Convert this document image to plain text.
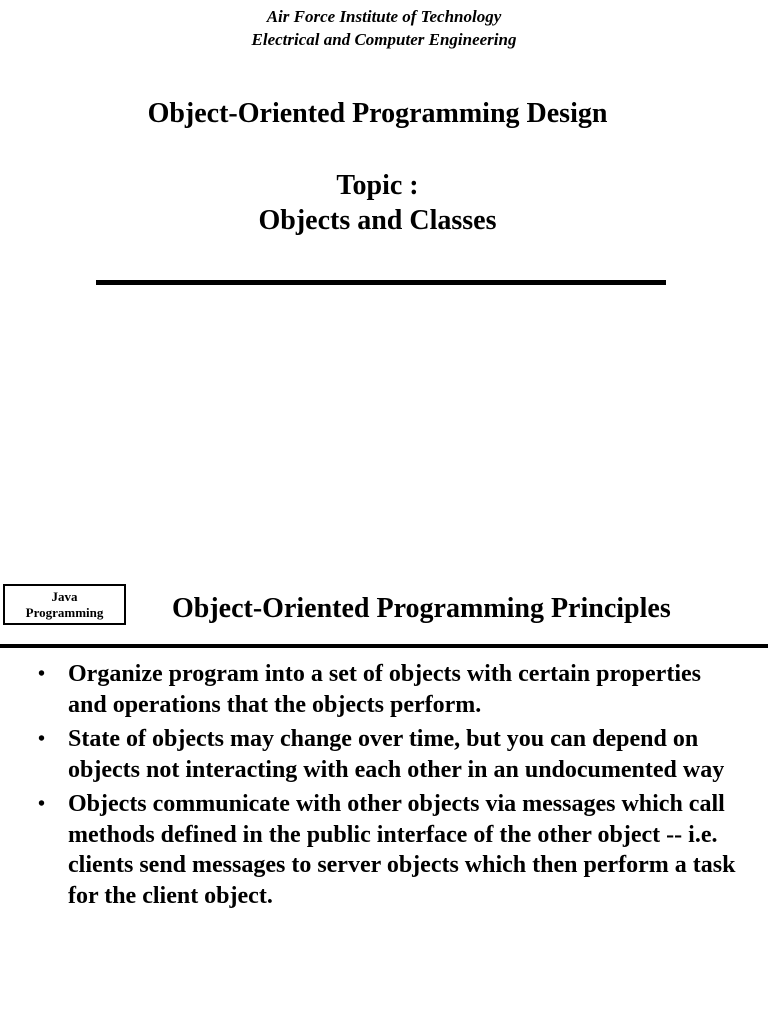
Air Force Institute of Technology
Electrical and Computer Engineering
Object-Oriented Programming Design
Topic :
Objects and Classes
Java
Programming	Object-Oriented Programming Principles
• Organize program into a set of objects with certain properties and operations that the objects perform.
• State of objects may change over time, but you can depend on objects not interacting with each other in an undocumented way
• Objects communicate with other objects via messages which call methods defined in the public interface of the other object -- i.e. clients send messages to server objects which then perform a task for the client object.
